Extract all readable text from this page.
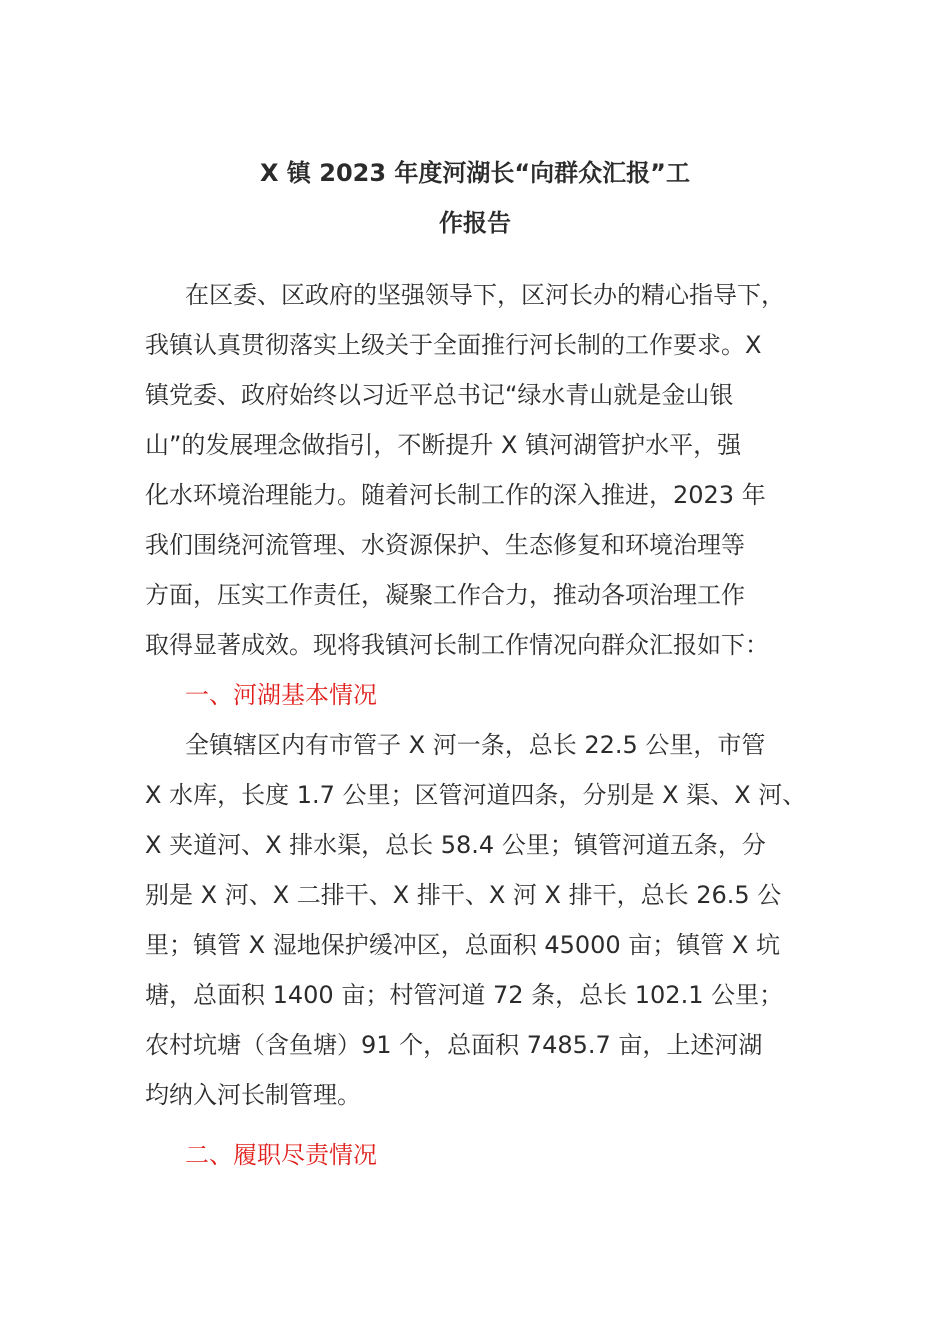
X 镇 2023 年度河湖长“向群众汇报”工
作报告
在区委、区政府的坚强领导下，区河长办的精心指导下，
我镇认真贯彻落实上级关于全面推行河长制的工作要求。X
镇党委、政府始终以习近平总书记“绿水青山就是金山银
山”的发展理念做指引，不断提升 X 镇河湖管护水平，强
化水环境治理能力。随着河长制工作的深入推进，2023 年
我们围绕河流管理、水资源保护、生态修复和环境治理等
方面，压实工作责任，凝聚工作合力，推动各项治理工作
取得显著成效。现将我镇河长制工作情况向群众汇报如下：
一、河湖基本情况
全镇辖区内有市管子 X 河一条，总长 22.5 公里，市管
X 水库，长度 1.7 公里；区管河道四条，分别是 X 渠、X 河、
X 夹道河、X 排水渠，总长 58.4 公里；镇管河道五条，分
别是 X 河、X 二排干、X 排干、X 河 X 排干，总长 26.5 公
里；镇管 X 湿地保护缓冲区，总面积 45000 亩；镇管 X 坑
塘，总面积 1400 亩；村管河道 72 条，总长 102.1 公里；
农村坑塘（含鱼塘）91 个，总面积 7485.7 亩，上述河湖
均纳入河长制管理。
二、履职尽责情况
